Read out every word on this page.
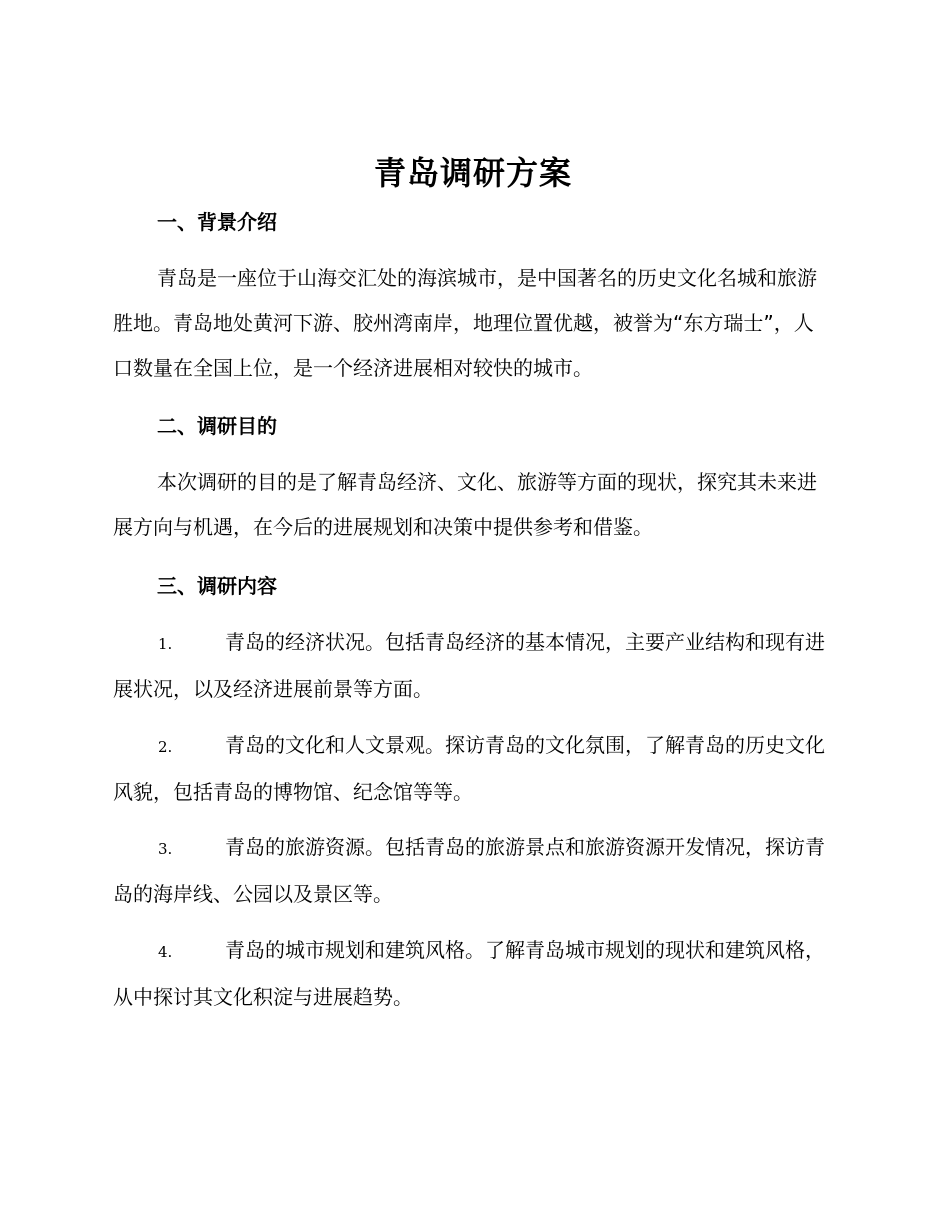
青岛调研方案
一、背景介绍

青岛是一座位于山海交汇处的海滨城市，是中国著名的历史文化名城和旅游胜地。青岛地处黄河下游、胶州湾南岸，地理位置优越，被誉为“东方瑞士”，人口数量在全国上位，是一个经济进展相对较快的城市。

二、调研目的

本次调研的目的是了解青岛经济、文化、旅游等方面的现状，探究其未来进展方向与机遇，在今后的进展规划和决策中提供参考和借鉴。

三、调研内容

1.	青岛的经济状况。包括青岛经济的基本情况，主要产业结构和现有进展状况，以及经济进展前景等方面。

2.	青岛的文化和人文景观。探访青岛的文化氛围，了解青岛的历史文化风貌，包括青岛的博物馆、纪念馆等等。

3.	青岛的旅游资源。包括青岛的旅游景点和旅游资源开发情况，探访青岛的海岸线、公园以及景区等。

4.	青岛的城市规划和建筑风格。了解青岛城市规划的现状和建筑风格，从中探讨其文化积淀与进展趋势。
